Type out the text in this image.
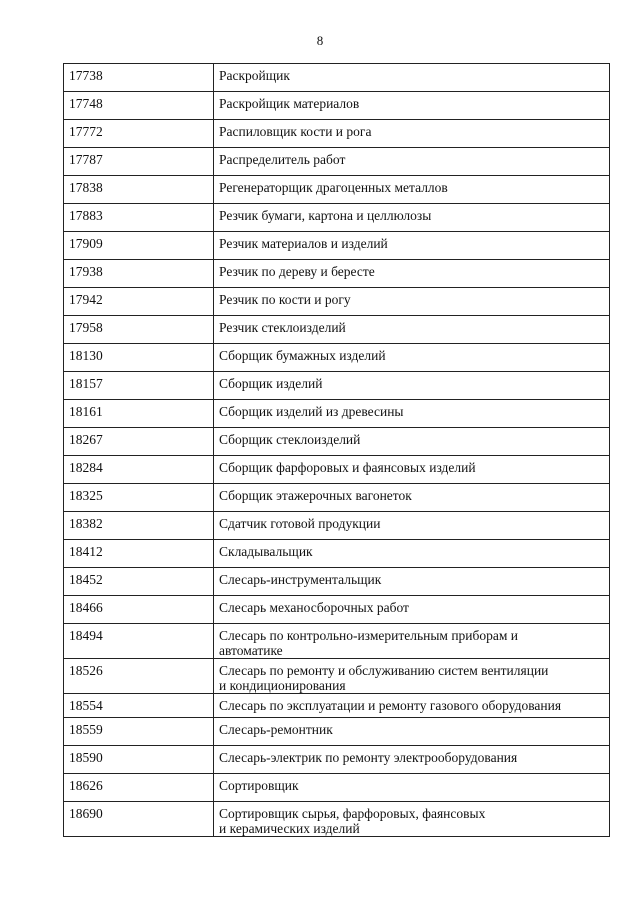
8
17738	Раскройщик
17748	Раскройщик материалов
17772	Распиловщик кости и рога
17787	Распределитель работ
17838	Регенераторщик драгоценных металлов
17883	Резчик бумаги, картона и целлюлозы
17909	Резчик материалов и изделий
17938	Резчик по дереву и бересте
17942	Резчик по кости и рогу
17958	Резчик стеклоизделий
18130	Сборщик бумажных изделий
18157	Сборщик изделий
18161	Сборщик изделий из древесины
18267	Сборщик стеклоизделий
18284	Сборщик фарфоровых и фаянсовых изделий
18325	Сборщик этажерочных вагонеток
18382	Сдатчик готовой продукции
18412	Складывальщик
18452	Слесарь-инструментальщик
18466	Слесарь механосборочных работ
18494	Слесарь по контрольно-измерительным приборам и
автоматике

18526	Слесарь по ремонту и обслуживанию систем вентиляции
и кондиционирования

18554	Слесарь по эксплуатации и ремонту газового оборудования
18559	Слесарь-ремонтник
18590	Слесарь-электрик по ремонту электрооборудования
18626	Сортировщик
18690	Сортировщик сырья, фарфоровых, фаянсовых
и керамических изделий
